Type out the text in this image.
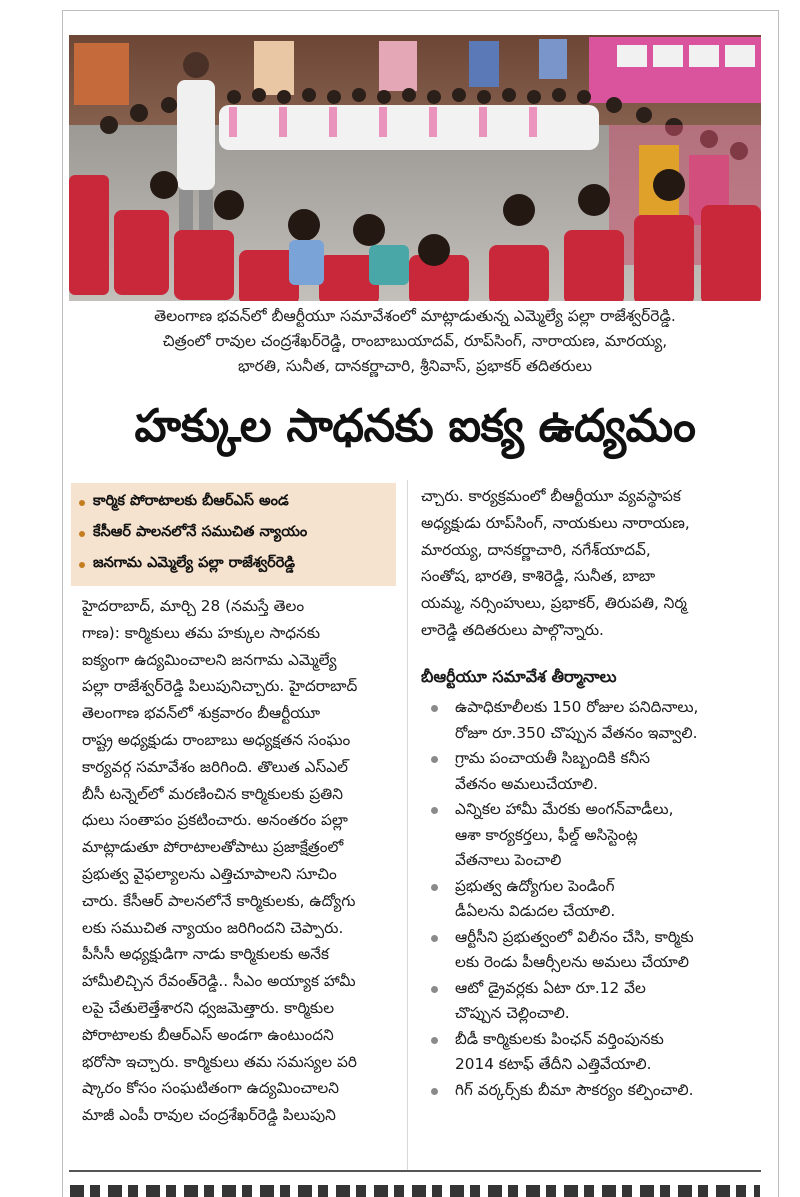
తెలంగాణ భవన్‌లో బీఆర్టీయూ సమావేశంలో మాట్లాడుతున్న ఎమ్మెల్యే పల్లా రాజేశ్వర్‌రెడ్డి.
చిత్రంలో రావుల చంద్రశేఖర్‌రెడ్డి, రాంబాబుయాదవ్, రూప్‌సింగ్, నారాయణ, మారయ్య,
భారతి, సునీత, దానకర్ణాచారి, శ్రీనివాస్, ప్రభాకర్ తదితరులు
హక్కుల సాధనకు ఐక్య ఉద్యమం
కార్మిక పోరాటాలకు బీఆర్‌ఎస్ అండ
కేసీఆర్ పాలనలోనే సముచిత న్యాయం
జనగామ ఎమ్మెల్యే పల్లా రాజేశ్వర్‌రెడ్డి
హైదరాబాద్, మార్చి 28 (నమస్తే తెలం
గాణ): కార్మికులు తమ హక్కుల సాధనకు
ఐక్యంగా ఉద్యమించాలని జనగామ ఎమ్మెల్యే
పల్లా రాజేశ్వర్‌రెడ్డి పిలుపునిచ్చారు. హైదరాబాద్
తెలంగాణ భవన్‌లో శుక్రవారం బీఆర్టీయూ
రాష్ట్ర అధ్యక్షుడు రాంబాబు అధ్యక్షతన సంఘం
కార్యవర్గ సమావేశం జరిగింది. తొలుత ఎస్‌ఎల్
బీసీ టన్నెల్‌లో మరణించిన కార్మికులకు ప్రతిని
ధులు సంతాపం ప్రకటించారు. అనంతరం పల్లా
మాట్లాడుతూ పోరాటాలతోపాటు ప్రజాక్షేత్రంలో
ప్రభుత్వ వైఫల్యాలను ఎత్తిచూపాలని సూచిం
చారు. కేసీఆర్ పాలనలోనే కార్మికులకు, ఉద్యోగు
లకు సముచిత న్యాయం జరిగిందని చెప్పారు.
పీసీసీ అధ్యక్షుడిగా నాడు కార్మికులకు అనేక
హామీలిచ్చిన రేవంత్‌రెడ్డి.. సీఎం అయ్యాక హామీ
లపై చేతులెత్తేశారని ధ్వజమెత్తారు. కార్మికుల
పోరాటాలకు బీఆర్‌ఎస్ అండగా ఉంటుందని
భరోసా ఇచ్చారు. కార్మికులు తమ సమస్యల పరి
ష్కారం కోసం సంఘటితంగా ఉద్యమించాలని
మాజీ ఎంపీ రావుల చంద్రశేఖర్‌రెడ్డి పిలుపుని
చ్చారు. కార్యక్రమంలో బీఆర్టీయూ వ్యవస్థాపక
అధ్యక్షుడు రూప్‌సింగ్, నాయకులు నారాయణ,
మారయ్య, దానకర్ణాచారి, నగేశ్‌యాదవ్,
సంతోష, భారతి, కాశిరెడ్డి, సునీత, బాబా
యమ్మ, నర్సింహులు, ప్రభాకర్, తిరుపతి, నిర్మ
లారెడ్డి తదితరులు పాల్గొన్నారు.
బీఆర్టీయూ సమావేశ తీర్మానాలు
ఉపాధికూలీలకు 150 రోజుల పనిదినాలు,
రోజూ రూ.350 చొప్పున వేతనం ఇవ్వాలి.
గ్రామ పంచాయతీ సిబ్బందికి కనీస
వేతనం అమలుచేయాలి.
ఎన్నికల హామీ మేరకు అంగన్‌వాడీలు,
ఆశా కార్యకర్తలు, ఫీల్డ్ అసిస్టెంట్ల
వేతనాలు పెంచాలి
ప్రభుత్వ ఉద్యోగుల పెండింగ్
డీఏలను విడుదల చేయాలి.
ఆర్టీసీని ప్రభుత్వంలో విలీనం చేసి, కార్మికు
లకు రెండు పీఆర్సీలను అమలు చేయాలి
ఆటో డ్రైవర్లకు ఏటా రూ.12 వేల
చొప్పున చెల్లించాలి.
బీడీ కార్మికులకు పింఛన్ వర్తింపునకు
2014 కటాఫ్ తేదీని ఎత్తివేయాలి.
గిగ్ వర్కర్స్‌కు బీమా సౌకర్యం కల్పించాలి.
